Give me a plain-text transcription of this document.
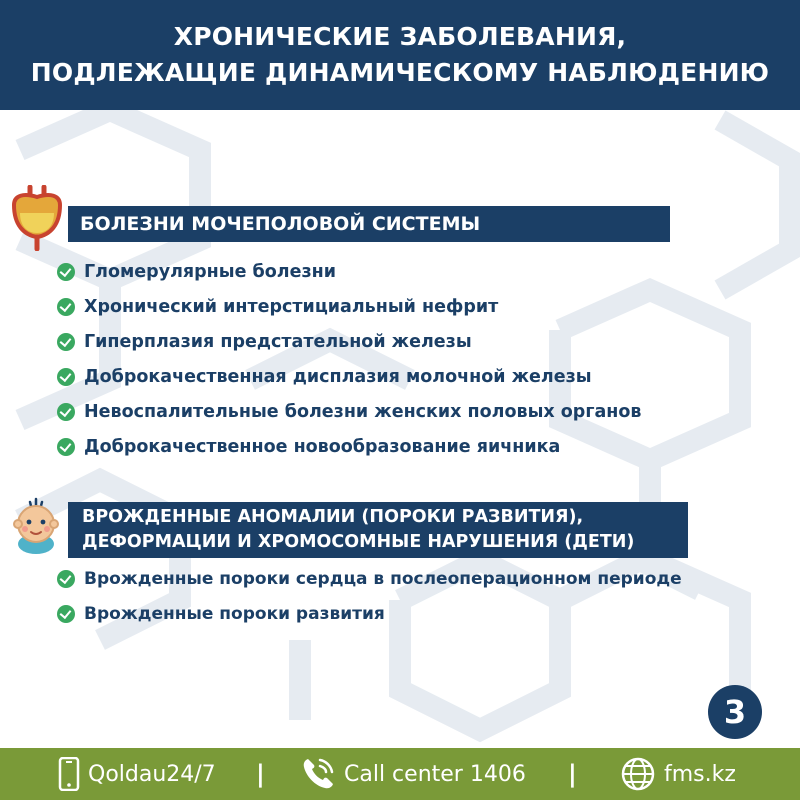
ХРОНИЧЕСКИЕ ЗАБОЛЕВАНИЯ,
ПОДЛЕЖАЩИЕ ДИНАМИЧЕСКОМУ НАБЛЮДЕНИЮ
БОЛЕЗНИ МОЧЕПОЛОВОЙ СИСТЕМЫ
Гломерулярные болезни
Хронический интерстициальный нефрит
Гиперплазия предстательной железы
Доброкачественная дисплазия молочной железы
Невоспалительные болезни женских половых органов
Доброкачественное новообразование яичника
ВРОЖДЕННЫЕ АНОМАЛИИ (ПОРОКИ РАЗВИТИЯ),
ДЕФОРМАЦИИ И ХРОМОСОМНЫЕ НАРУШЕНИЯ (ДЕТИ)
Врожденные пороки сердца в послеоперационном периоде
Врожденные пороки развития
3
Qoldau24/7 |	Call center 1406 |	fms.kz
